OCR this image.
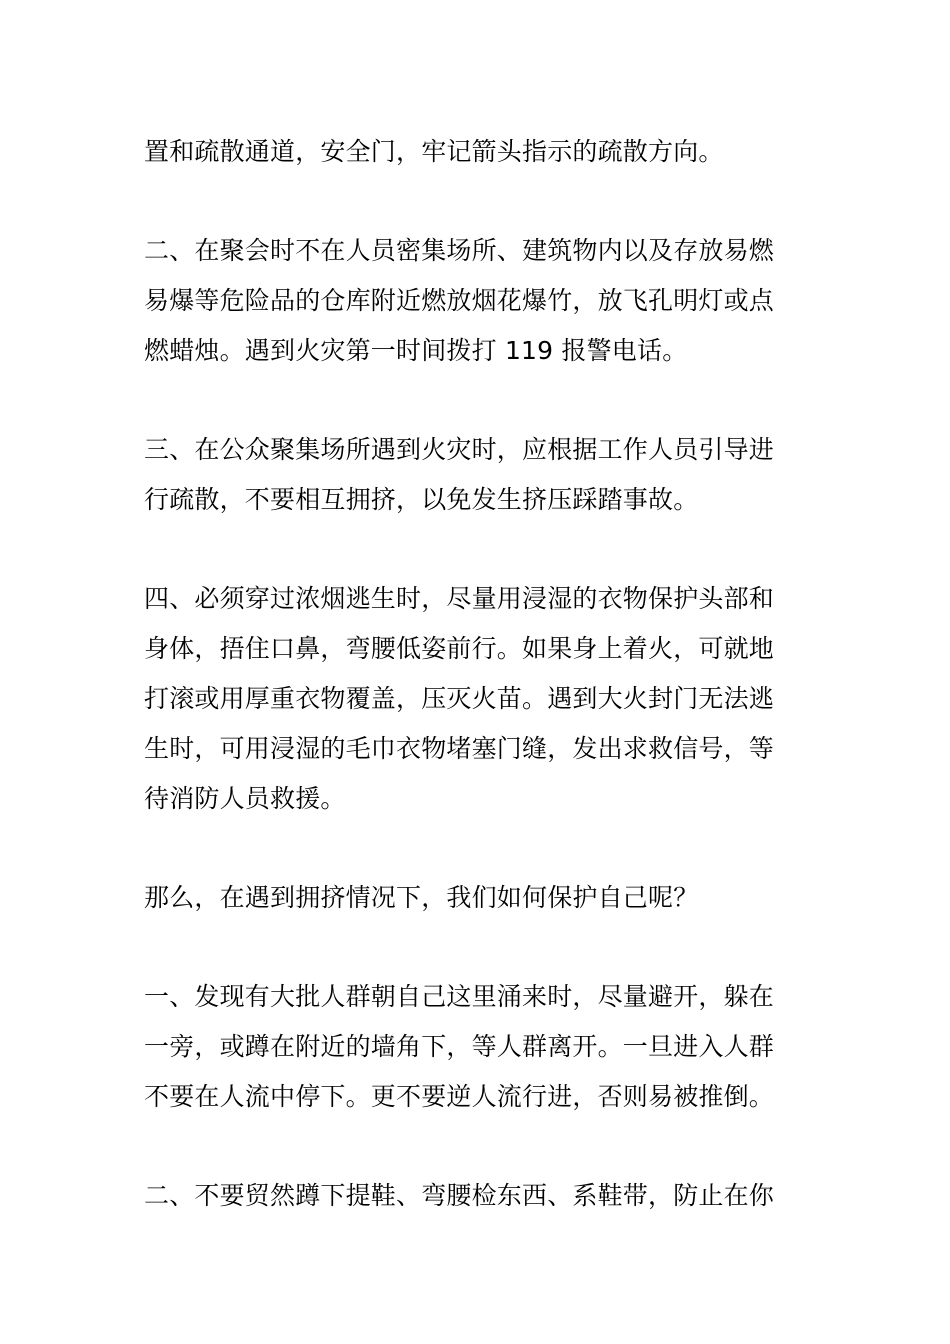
置和疏散通道，安全门，牢记箭头指示的疏散方向。
二、在聚会时不在人员密集场所、建筑物内以及存放易燃
易爆等危险品的仓库附近燃放烟花爆竹，放飞孔明灯或点
燃蜡烛。遇到火灾第一时间拨打 119 报警电话。
三、在公众聚集场所遇到火灾时，应根据工作人员引导进
行疏散，不要相互拥挤，以免发生挤压踩踏事故。
四、必须穿过浓烟逃生时，尽量用浸湿的衣物保护头部和
身体，捂住口鼻，弯腰低姿前行。如果身上着火，可就地
打滚或用厚重衣物覆盖，压灭火苗。遇到大火封门无法逃
生时，可用浸湿的毛巾衣物堵塞门缝，发出求救信号，等
待消防人员救援。
那么，在遇到拥挤情况下，我们如何保护自己呢？
一、发现有大批人群朝自己这里涌来时，尽量避开，躲在
一旁，或蹲在附近的墙角下，等人群离开。一旦进入人群
不要在人流中停下。更不要逆人流行进，否则易被推倒。
二、不要贸然蹲下提鞋、弯腰检东西、系鞋带，防止在你
